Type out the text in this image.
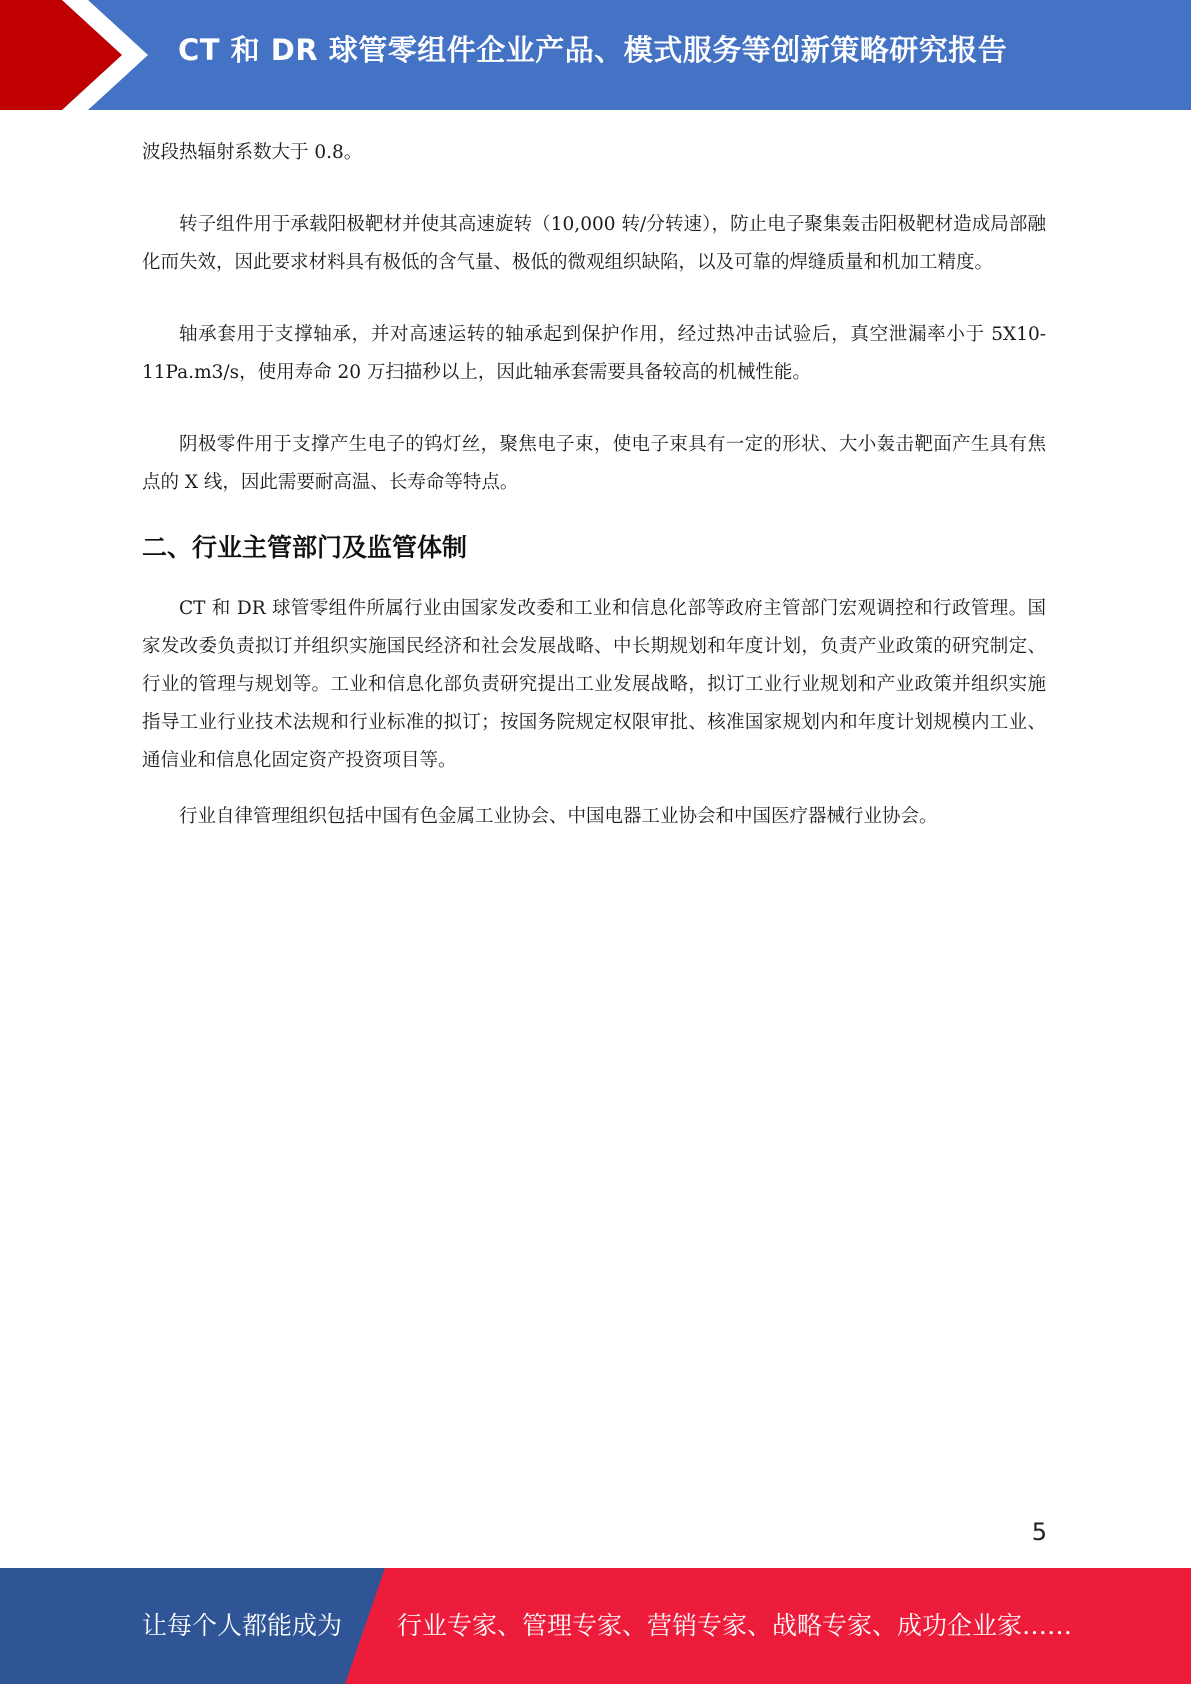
CT 和 DR 球管零组件企业产品、模式服务等创新策略研究报告

波段热辐射系数大于 0.8。

转子组件用于承载阳极靶材并使其高速旋转（10,000 转/分转速），防止电子聚集轰击阳极靶材造成局部融化而失效，因此要求材料具有极低的含气量、极低的微观组织缺陷，以及可靠的焊缝质量和机加工精度。

轴承套用于支撑轴承，并对高速运转的轴承起到保护作用，经过热冲击试验后，真空泄漏率小于 5X10-11Pa.m3/s，使用寿命 20 万扫描秒以上，因此轴承套需要具备较高的机械性能。

阴极零件用于支撑产生电子的钨灯丝，聚焦电子束，使电子束具有一定的形状、大小轰击靶面产生具有焦点的 X 线，因此需要耐高温、长寿命等特点。

二、行业主管部门及监管体制

CT 和 DR 球管零组件所属行业由国家发改委和工业和信息化部等政府主管部门宏观调控和行政管理。国家发改委负责拟订并组织实施国民经济和社会发展战略、中长期规划和年度计划，负责产业政策的研究制定、行业的管理与规划等。工业和信息化部负责研究提出工业发展战略，拟订工业行业规划和产业政策并组织实施指导工业行业技术法规和行业标准的拟订；按国务院规定权限审批、核准国家规划内和年度计划规模内工业、通信业和信息化固定资产投资项目等。

行业自律管理组织包括中国有色金属工业协会、中国电器工业协会和中国医疗器械行业协会。

5
让每个人都能成为 行业专家、管理专家、营销专家、战略专家、成功企业家……
